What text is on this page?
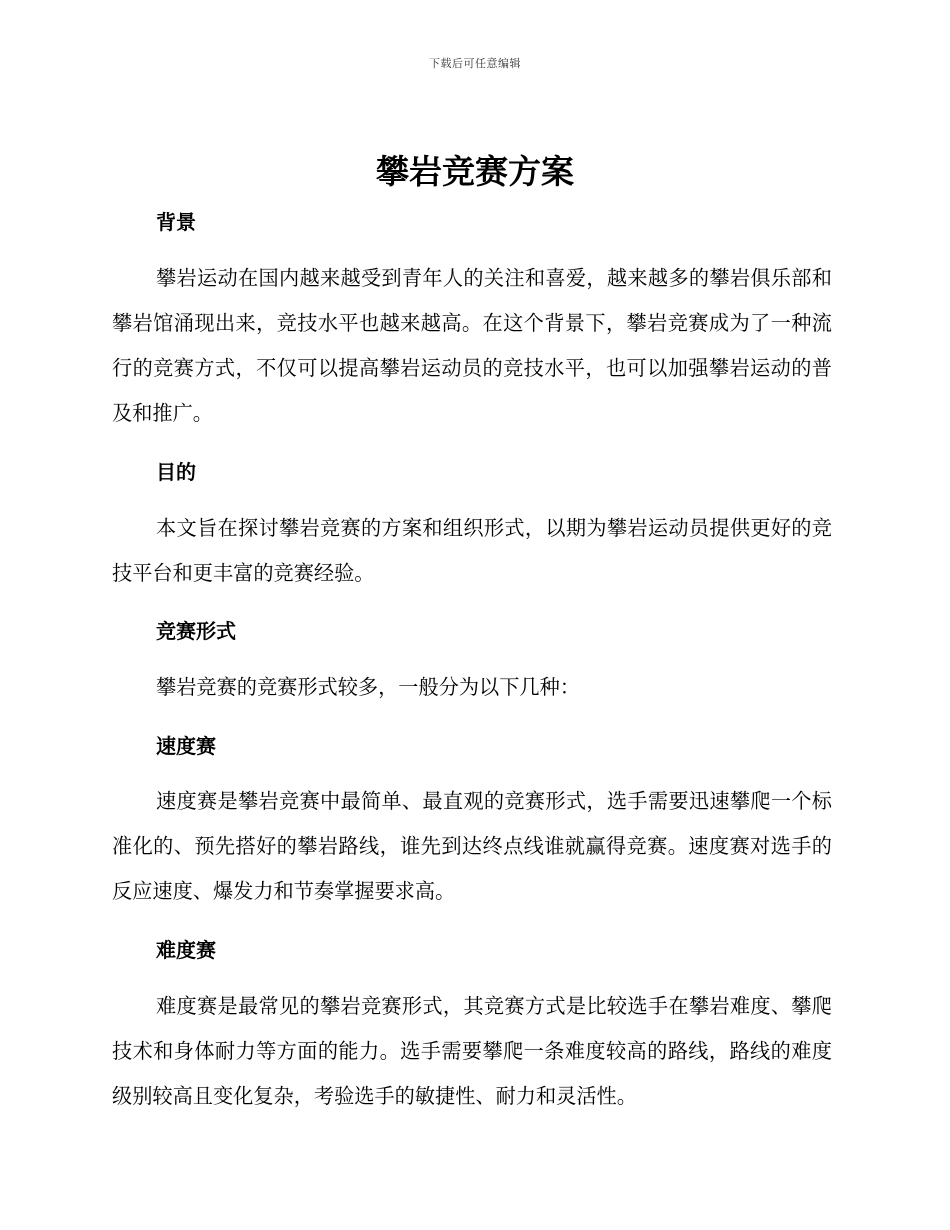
下载后可任意编辑
攀岩竞赛方案
背景

攀岩运动在国内越来越受到青年人的关注和喜爱，越来越多的攀岩俱乐部和攀岩馆涌现出来，竞技水平也越来越高。在这个背景下，攀岩竞赛成为了一种流行的竞赛方式，不仅可以提高攀岩运动员的竞技水平，也可以加强攀岩运动的普及和推广。

目的

本文旨在探讨攀岩竞赛的方案和组织形式，以期为攀岩运动员提供更好的竞技平台和更丰富的竞赛经验。

竞赛形式

攀岩竞赛的竞赛形式较多，一般分为以下几种：

速度赛

速度赛是攀岩竞赛中最简单、最直观的竞赛形式，选手需要迅速攀爬一个标准化的、预先搭好的攀岩路线，谁先到达终点线谁就赢得竞赛。速度赛对选手的反应速度、爆发力和节奏掌握要求高。

难度赛

难度赛是最常见的攀岩竞赛形式，其竞赛方式是比较选手在攀岩难度、攀爬技术和身体耐力等方面的能力。选手需要攀爬一条难度较高的路线，路线的难度级别较高且变化复杂，考验选手的敏捷性、耐力和灵活性。
